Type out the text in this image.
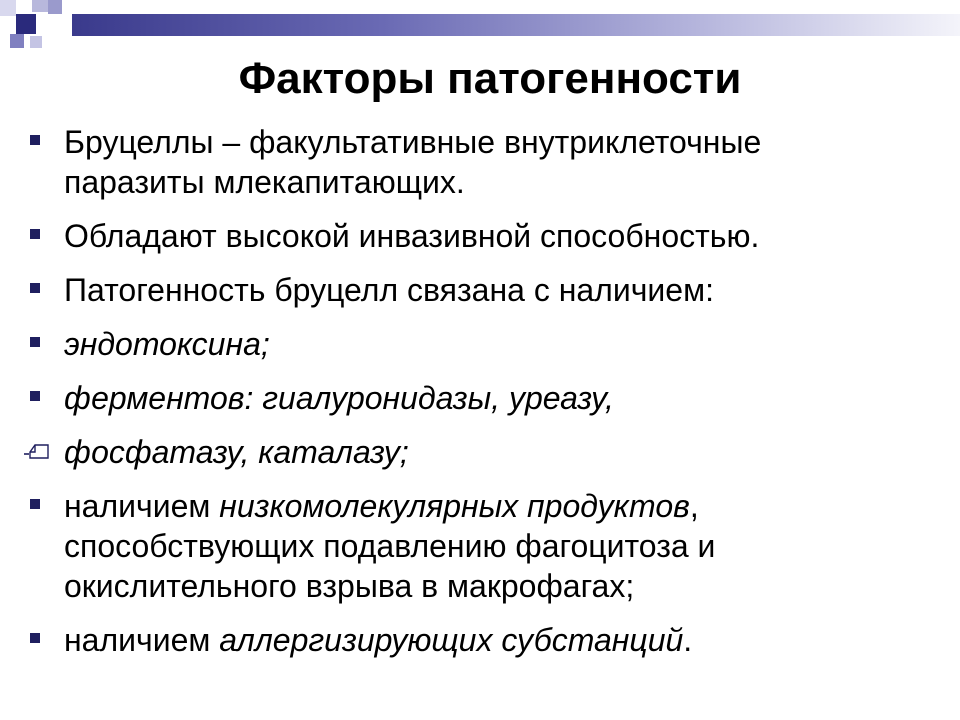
Факторы патогенности
Бруцеллы – факультативные внутриклеточные паразиты млекапитающих.
Обладают высокой инвазивной способностью.
Патогенность бруцелл связана с наличием:
эндотоксина;
ферментов: гиалуронидазы, уреазу,
фосфатазу, каталазу;
наличием низкомолекулярных продуктов, способствующих подавлению фагоцитоза и окислительного взрыва в макрофагах;
наличием аллергизирующих субстанций.
